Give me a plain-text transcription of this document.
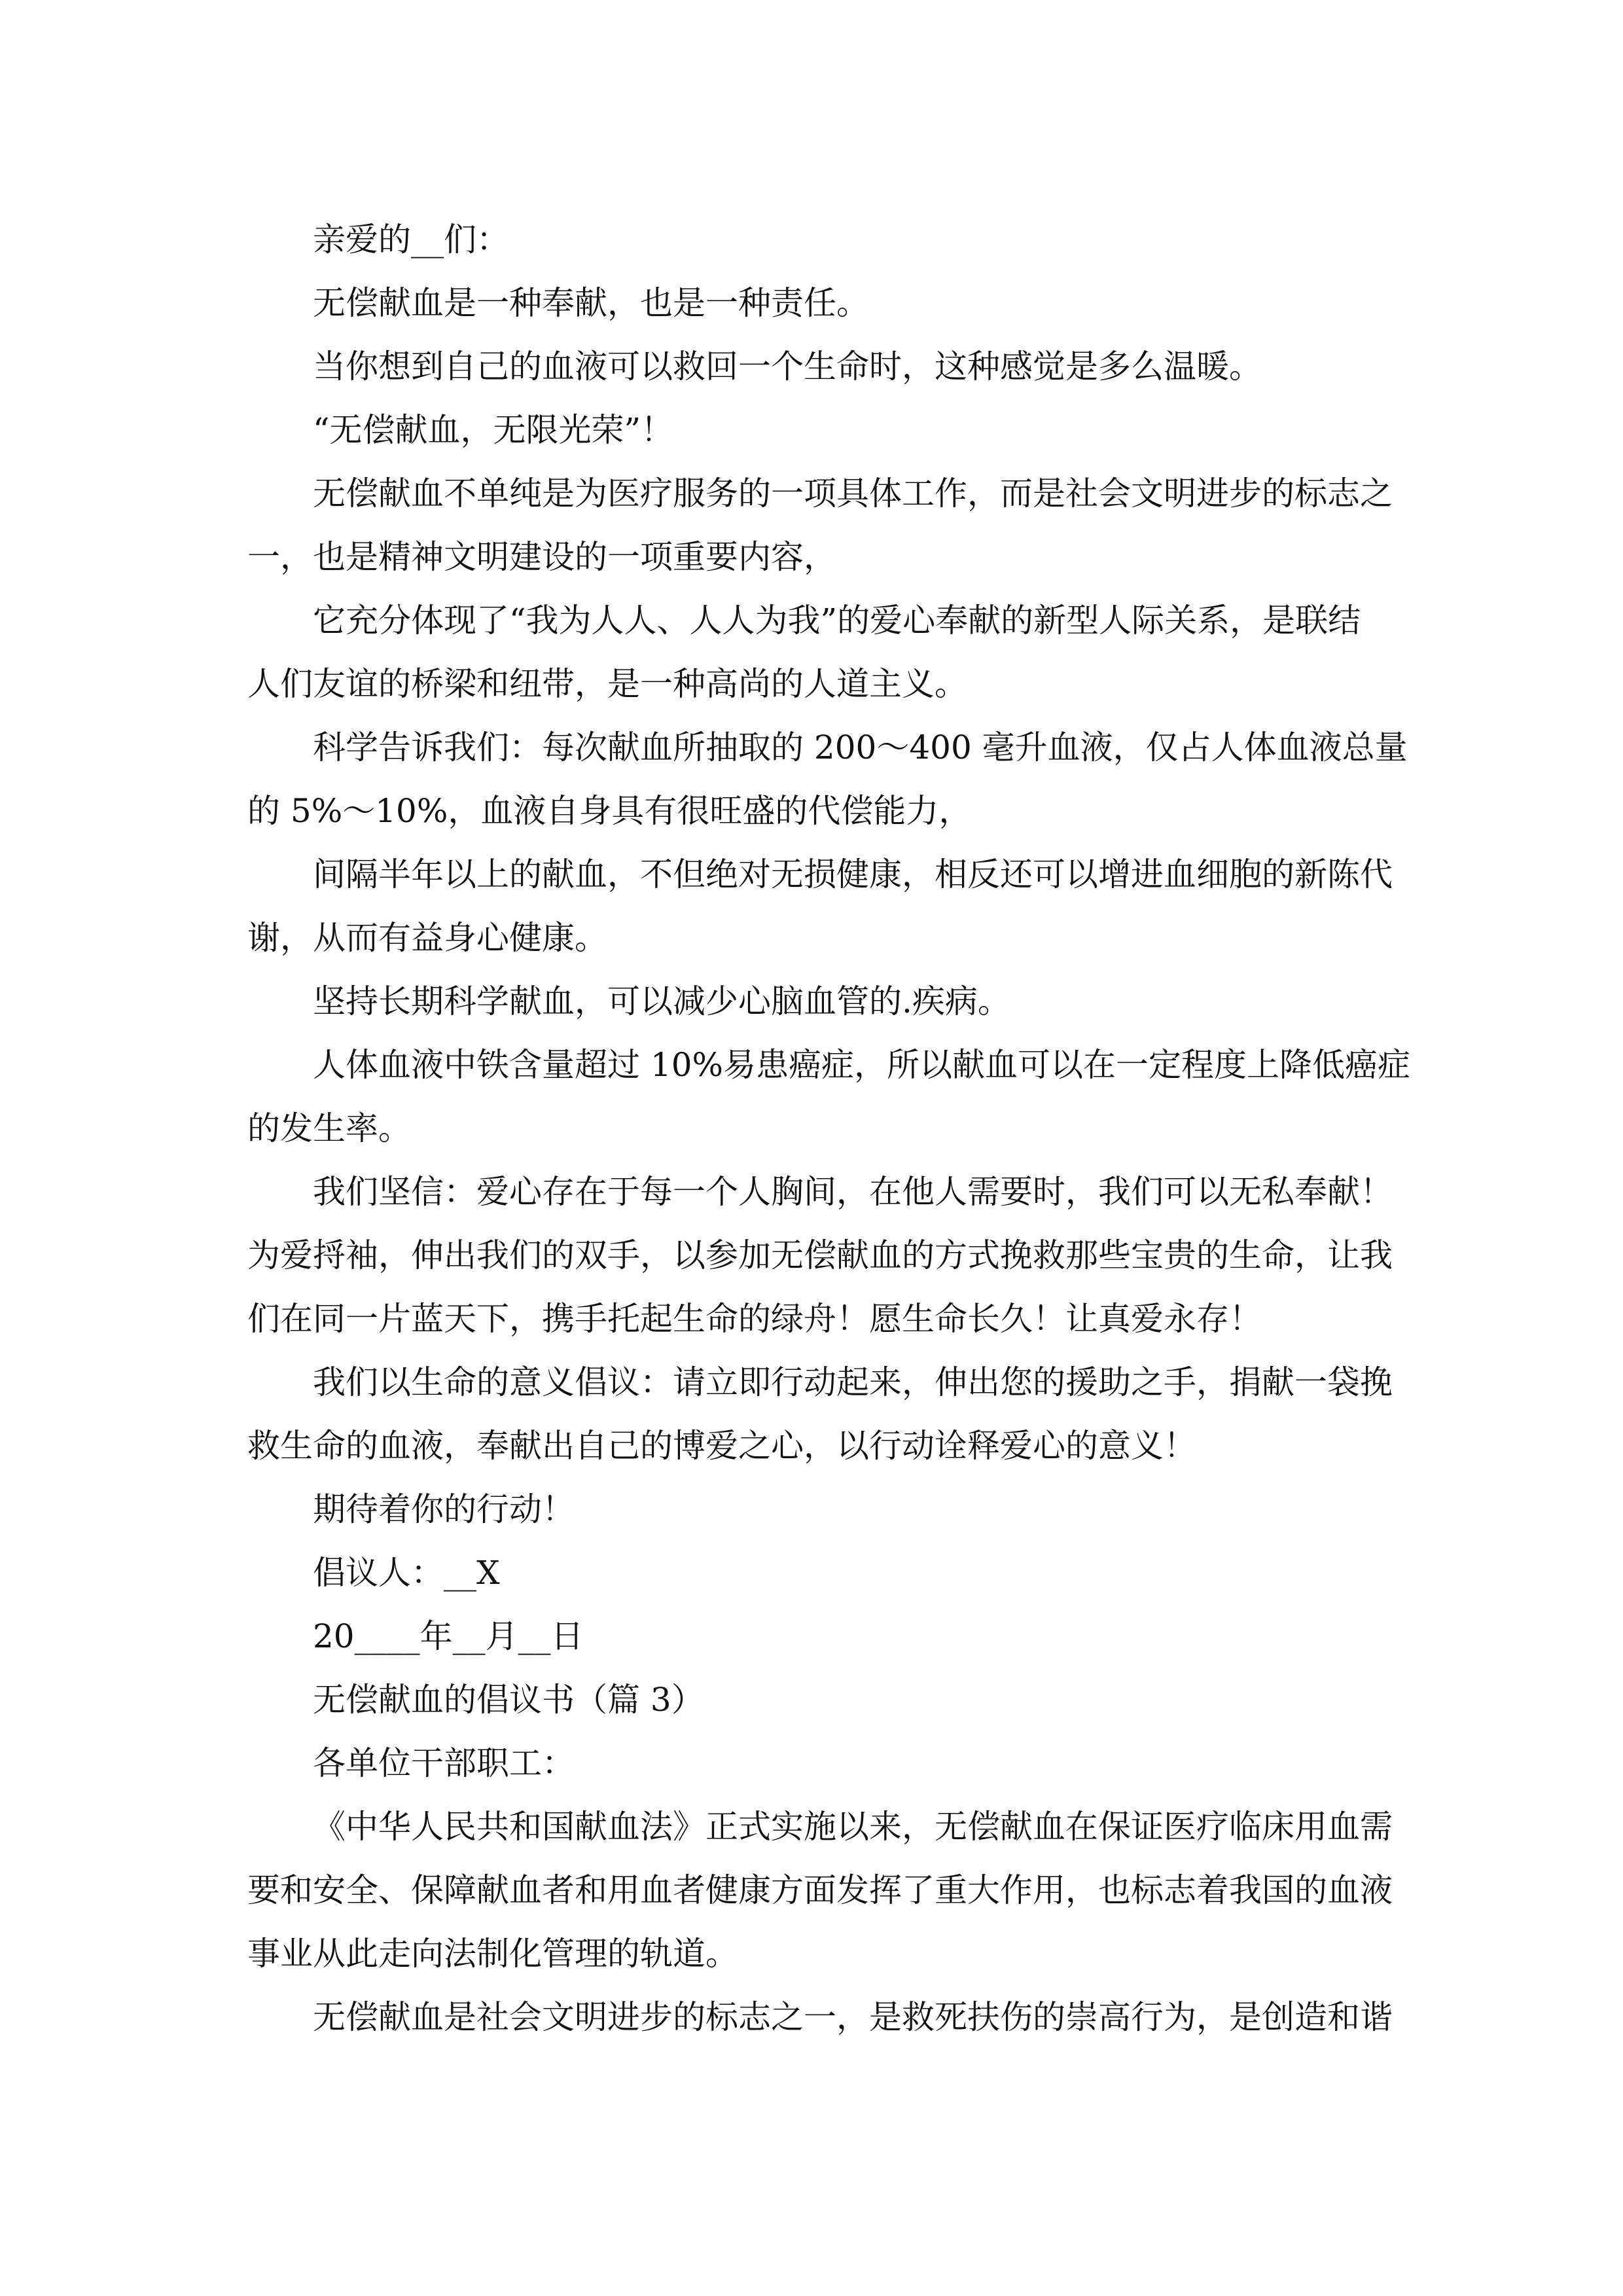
亲爱的__们：
无偿献血是一种奉献，也是一种责任。
当你想到自己的血液可以救回一个生命时，这种感觉是多么温暖。
“无偿献血，无限光荣”！
无偿献血不单纯是为医疗服务的一项具体工作，而是社会文明进步的标志之
一，也是精神文明建设的一项重要内容，
它充分体现了“我为人人、人人为我”的爱心奉献的新型人际关系，是联结
人们友谊的桥梁和纽带，是一种高尚的人道主义。
科学告诉我们：每次献血所抽取的 200～400 毫升血液，仅占人体血液总量
的 5%～10%，血液自身具有很旺盛的代偿能力，
间隔半年以上的献血，不但绝对无损健康，相反还可以增进血细胞的新陈代
谢，从而有益身心健康。
坚持长期科学献血，可以减少心脑血管的.疾病。
人体血液中铁含量超过 10%易患癌症，所以献血可以在一定程度上降低癌症
的发生率。
我们坚信：爱心存在于每一个人胸间，在他人需要时，我们可以无私奉献！
为爱捋袖，伸出我们的双手，以参加无偿献血的方式挽救那些宝贵的生命，让我
们在同一片蓝天下，携手托起生命的绿舟！愿生命长久！让真爱永存！
我们以生命的意义倡议：请立即行动起来，伸出您的援助之手，捐献一袋挽
救生命的血液，奉献出自己的博爱之心，以行动诠释爱心的意义！
期待着你的行动！
倡议人：__X
20____年__月__日
无偿献血的倡议书（篇 3）
各单位干部职工：
《中华人民共和国献血法》正式实施以来，无偿献血在保证医疗临床用血需
要和安全、保障献血者和用血者健康方面发挥了重大作用，也标志着我国的血液
事业从此走向法制化管理的轨道。
无偿献血是社会文明进步的标志之一，是救死扶伤的崇高行为，是创造和谐
